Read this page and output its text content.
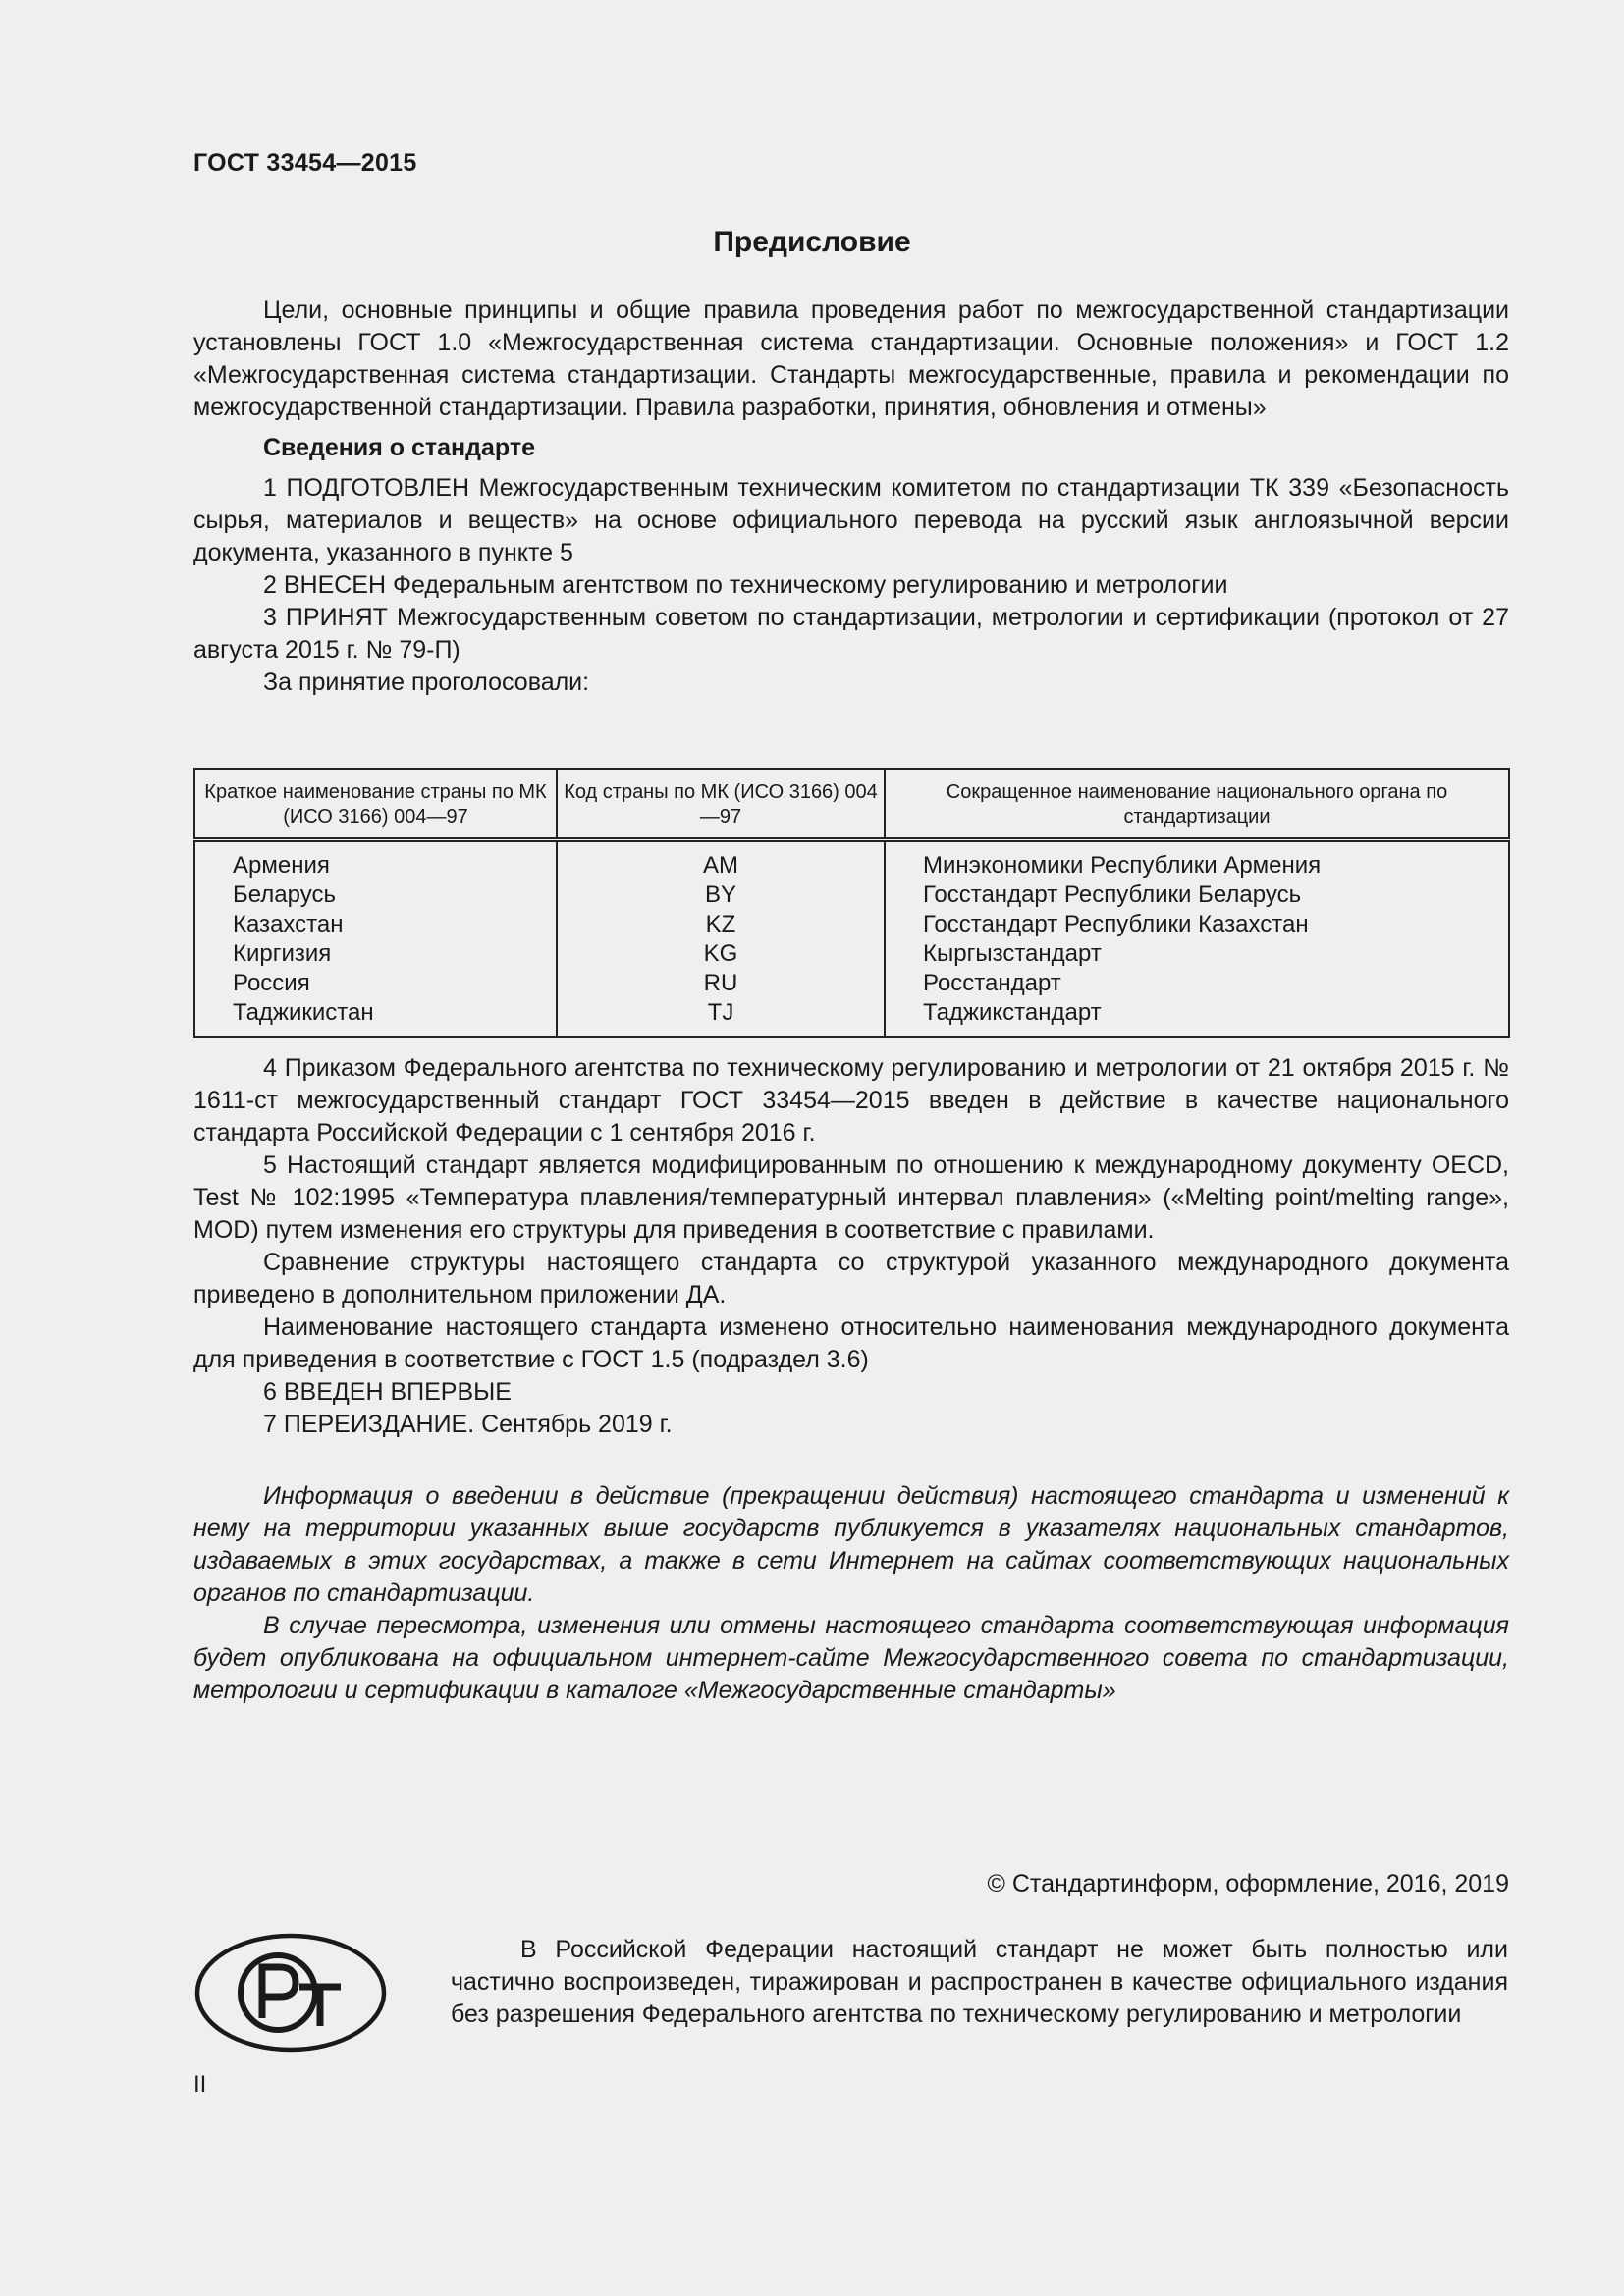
ГОСТ 33454—2015
Предисловие

Цели, основные принципы и общие правила проведения работ по межгосударственной стандартизации установлены ГОСТ 1.0 «Межгосударственная система стандартизации. Основные положения» и ГОСТ 1.2 «Межгосударственная система стандартизации. Стандарты межгосударственные, правила и рекомендации по межгосударственной стандартизации. Правила разработки, принятия, обновления и отмены»

Сведения о стандарте

1 ПОДГОТОВЛЕН Межгосударственным техническим комитетом по стандартизации ТК 339 «Безопасность сырья, материалов и веществ» на основе официального перевода на русский язык англоязычной версии документа, указанного в пункте 5

2 ВНЕСЕН Федеральным агентством по техническому регулированию и метрологии

3 ПРИНЯТ Межгосударственным советом по стандартизации, метрологии и сертификации (протокол от 27 августа 2015 г. № 79-П)

За принятие проголосовали:

Краткое наименование страны по МК (ИСО 3166) 004—97	Код страны по МК (ИСО 3166) 004—97	Сокращенное наименование национального органа по стандартизации
Армения	AM	Минэкономики Республики Армения
Беларусь	BY	Госстандарт Республики Беларусь
Казахстан	KZ	Госстандарт Республики Казахстан
Киргизия	KG	Кыргызстандарт
Россия	RU	Росстандарт
Таджикистан	TJ	Таджикстандарт

4 Приказом Федерального агентства по техническому регулированию и метрологии от 21 октября 2015 г. № 1611-ст межгосударственный стандарт ГОСТ 33454—2015 введен в действие в качестве национального стандарта Российской Федерации с 1 сентября 2016 г.

5 Настоящий стандарт является модифицированным по отношению к международному документу OECD, Test № 102:1995 «Температура плавления/температурный интервал плавления» («Melting point/melting range», MOD) путем изменения его структуры для приведения в соответствие с правилами.

Сравнение структуры настоящего стандарта со структурой указанного международного документа приведено в дополнительном приложении ДА.

Наименование настоящего стандарта изменено относительно наименования международного документа для приведения в соответствие с ГОСТ 1.5 (подраздел 3.6)

6 ВВЕДЕН ВПЕРВЫЕ

7 ПЕРЕИЗДАНИЕ. Сентябрь 2019 г.

Информация о введении в действие (прекращении действия) настоящего стандарта и изменений к нему на территории указанных выше государств публикуется в указателях национальных стандартов, издаваемых в этих государствах, а также в сети Интернет на сайтах соответствующих национальных органов по стандартизации.

В случае пересмотра, изменения или отмены настоящего стандарта соответствующая информация будет опубликована на официальном интернет-сайте Межгосударственного совета по стандартизации, метрологии и сертификации в каталоге «Межгосударственные стандарты»

© Стандартинформ, оформление, 2016, 2019

В Российской Федерации настоящий стандарт не может быть полностью или частично воспроизведен, тиражирован и распространен в качестве официального издания без разрешения Федерального агентства по техническому регулированию и метрологии

II
